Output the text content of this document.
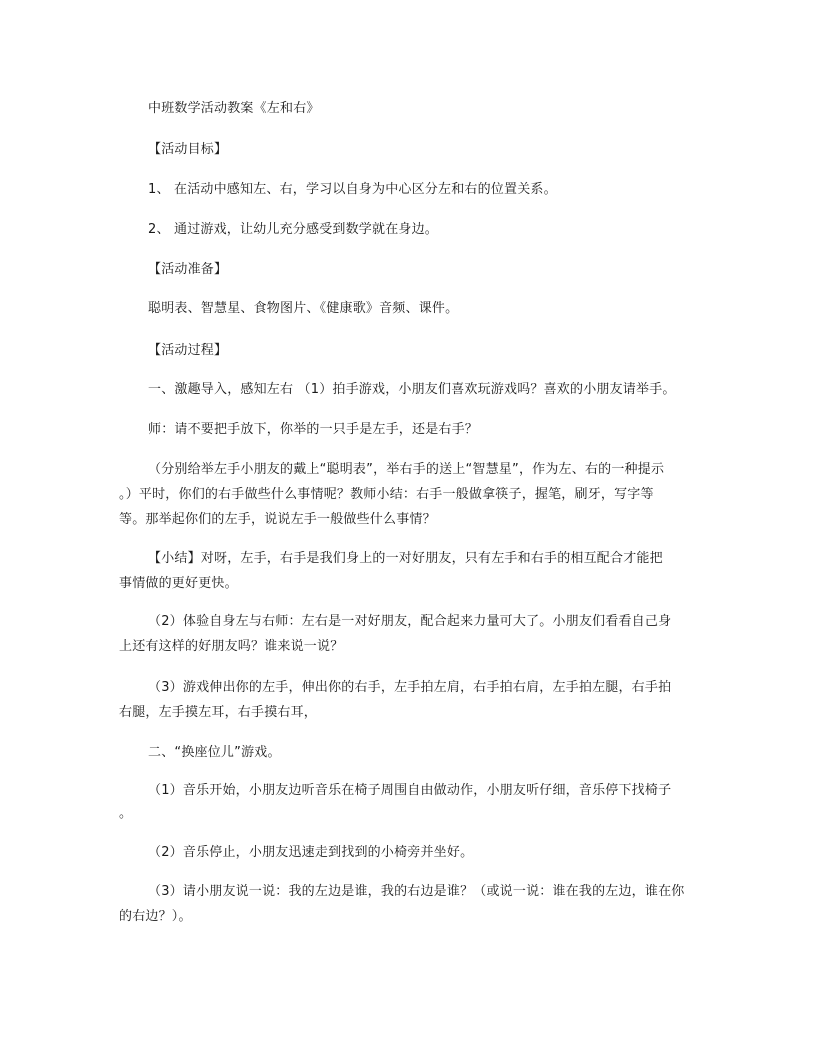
中班数学活动教案《左和右》
【活动目标】
1、 在活动中感知左、右，学习以自身为中心区分左和右的位置关系。
2、 通过游戏，让幼儿充分感受到数学就在身边。
【活动准备】
聪明表、智慧星、食物图片、《健康歌》音频、课件。
【活动过程】
一、激趣导入，感知左右 （1）拍手游戏，小朋友们喜欢玩游戏吗？喜欢的小朋友请举手。
师：请不要把手放下，你举的一只手是左手，还是右手？
（分别给举左手小朋友的戴上“聪明表”，举右手的送上“智慧星”，作为左、右的一种提示
。）平时，你们的右手做些什么事情呢？教师小结：右手一般做拿筷子，握笔，刷牙，写字等
等。那举起你们的左手，说说左手一般做些什么事情？
【小结】对呀，左手，右手是我们身上的一对好朋友，只有左手和右手的相互配合才能把
事情做的更好更快。
（2）体验自身左与右师：左右是一对好朋友，配合起来力量可大了。小朋友们看看自己身
上还有这样的好朋友吗？谁来说一说？
（3）游戏伸出你的左手，伸出你的右手，左手拍左肩，右手拍右肩，左手拍左腿，右手拍
右腿，左手摸左耳，右手摸右耳，
二、“换座位儿”游戏。
（1）音乐开始，小朋友边听音乐在椅子周围自由做动作，小朋友听仔细，音乐停下找椅子
。
（2）音乐停止，小朋友迅速走到找到的小椅旁并坐好。
（3）请小朋友说一说：我的左边是谁，我的右边是谁？（或说一说：谁在我的左边，谁在你
的右边？）。
